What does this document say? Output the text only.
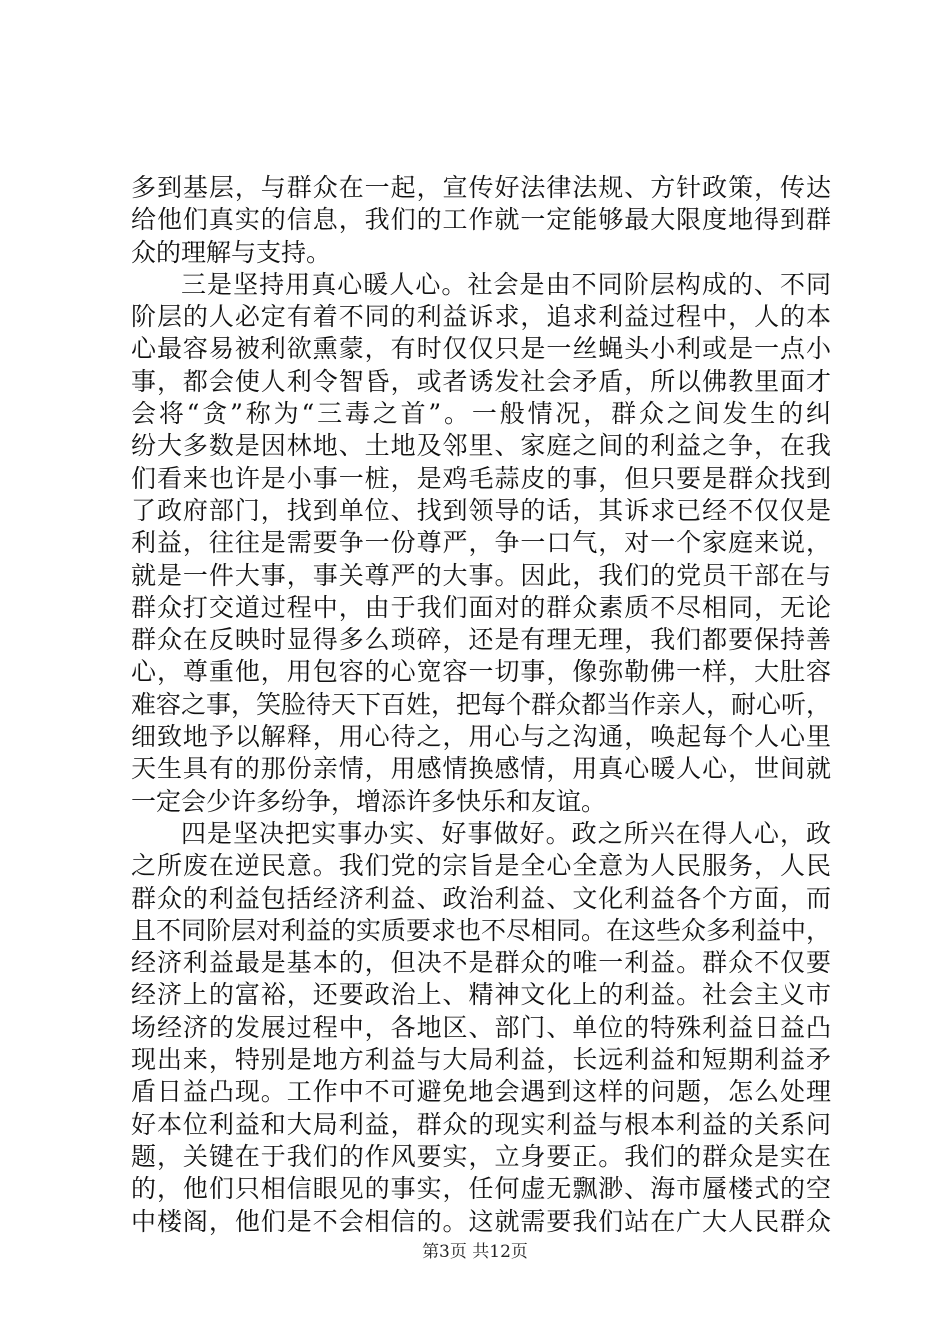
多到基层，与群众在一起，宣传好法律法规、方针政策，传达
给他们真实的信息，我们的工作就一定能够最大限度地得到群
众的理解与支持。
三是坚持用真心暖人心。社会是由不同阶层构成的、不同
阶层的人必定有着不同的利益诉求，追求利益过程中，人的本
心最容易被利欲熏蒙，有时仅仅只是一丝蝇头小利或是一点小
事，都会使人利令智昏，或者诱发社会矛盾，所以佛教里面才
会将“贪”称为“三毒之首”。一般情况，群众之间发生的纠
纷大多数是因林地、土地及邻里、家庭之间的利益之争，在我
们看来也许是小事一桩，是鸡毛蒜皮的事，但只要是群众找到
了政府部门，找到单位、找到领导的话，其诉求已经不仅仅是
利益，往往是需要争一份尊严，争一口气，对一个家庭来说，
就是一件大事，事关尊严的大事。因此，我们的党员干部在与
群众打交道过程中，由于我们面对的群众素质不尽相同，无论
群众在反映时显得多么琐碎，还是有理无理，我们都要保持善
心，尊重他，用包容的心宽容一切事，像弥勒佛一样，大肚容
难容之事，笑脸待天下百姓，把每个群众都当作亲人，耐心听，
细致地予以解释，用心待之，用心与之沟通，唤起每个人心里
天生具有的那份亲情，用感情换感情，用真心暖人心，世间就
一定会少许多纷争，增添许多快乐和友谊。
四是坚决把实事办实、好事做好。政之所兴在得人心，政
之所废在逆民意。我们党的宗旨是全心全意为人民服务，人民
群众的利益包括经济利益、政治利益、文化利益各个方面，而
且不同阶层对利益的实质要求也不尽相同。在这些众多利益中，
经济利益最是基本的，但决不是群众的唯一利益。群众不仅要
经济上的富裕，还要政治上、精神文化上的利益。社会主义市
场经济的发展过程中，各地区、部门、单位的特殊利益日益凸
现出来，特别是地方利益与大局利益，长远利益和短期利益矛
盾日益凸现。工作中不可避免地会遇到这样的问题，怎么处理
好本位利益和大局利益，群众的现实利益与根本利益的关系问
题，关键在于我们的作风要实，立身要正。我们的群众是实在
的，他们只相信眼见的事实，任何虚无飘渺、海市蜃楼式的空
中楼阁，他们是不会相信的。这就需要我们站在广大人民群众
第3页 共12页
